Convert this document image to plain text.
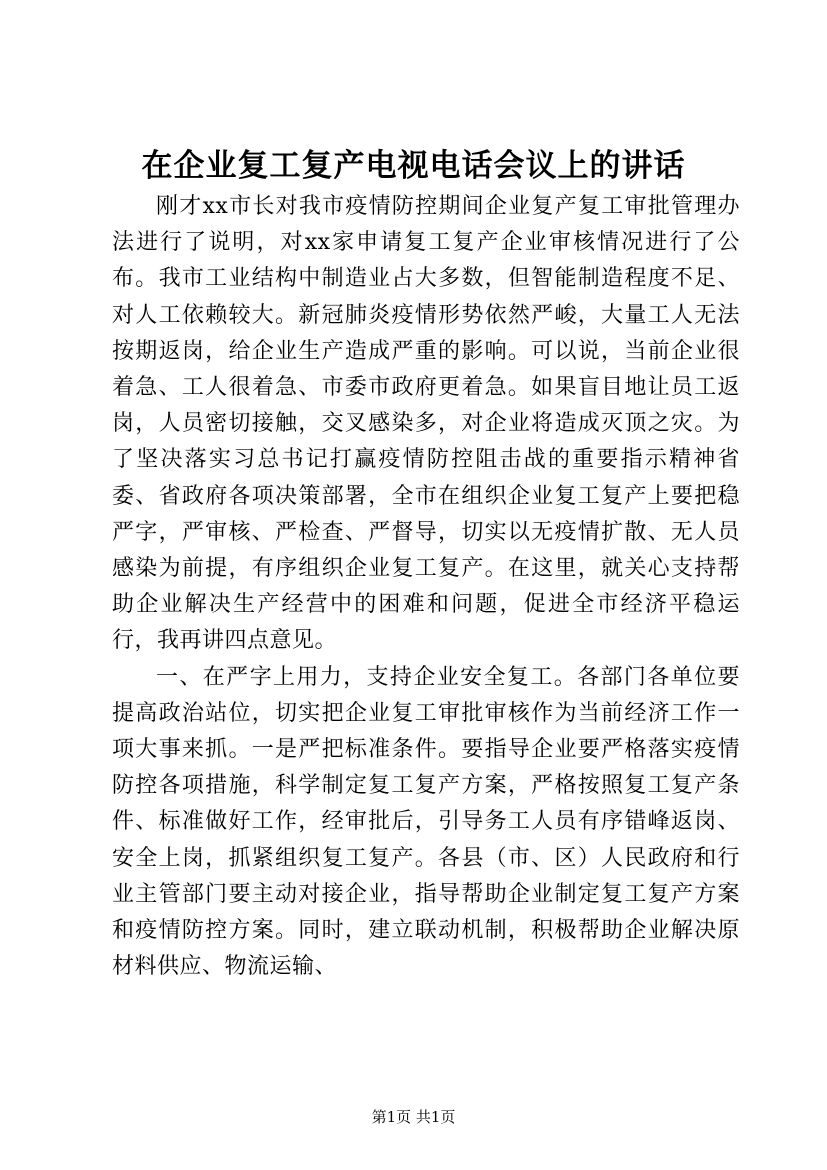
在企业复工复产电视电话会议上的讲话

刚才xx市长对我市疫情防控期间企业复产复工审批管理办法进行了说明，对xx家申请复工复产企业审核情况进行了公布。我市工业结构中制造业占大多数，但智能制造程度不足、对人工依赖较大。新冠肺炎疫情形势依然严峻，大量工人无法按期返岗，给企业生产造成严重的影响。可以说，当前企业很着急、工人很着急、市委市政府更着急。如果盲目地让员工返岗，人员密切接触，交叉感染多，对企业将造成灭顶之灾。为了坚决落实习总书记打赢疫情防控阻击战的重要指示精神省委、省政府各项决策部署，全市在组织企业复工复产上要把稳严字，严审核、严检查、严督导，切实以无疫情扩散、无人员感染为前提，有序组织企业复工复产。在这里，就关心支持帮助企业解决生产经营中的困难和问题，促进全市经济平稳运行，我再讲四点意见。

一、在严字上用力，支持企业安全复工。各部门各单位要提高政治站位，切实把企业复工审批审核作为当前经济工作一项大事来抓。一是严把标准条件。要指导企业要严格落实疫情防控各项措施，科学制定复工复产方案，严格按照复工复产条件、标准做好工作，经审批后，引导务工人员有序错峰返岗、安全上岗，抓紧组织复工复产。各县（市、区）人民政府和行业主管部门要主动对接企业，指导帮助企业制定复工复产方案和疫情防控方案。同时，建立联动机制，积极帮助企业解决原材料供应、物流运输、

第1页 共1页
